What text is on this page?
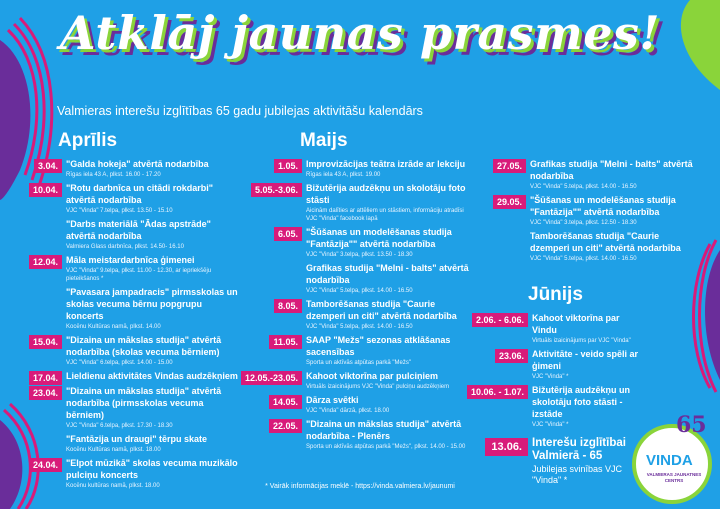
Atklāj jaunas prasmes!
Valmieras interešu izglītības 65 gadu jubilejas aktivitāšu kalendārs
Aprīlis	Maijs
Jūnijs
3.04. "Galda hokeja" atvērtā nodarbība
Rīgas iela 43 A, plkst. 16.00 - 17.20
10.04. "Rotu darbnīca un citādi rokdarbi" atvērtā nodarbība
VJC "Vinda" 7.telpa, plkst. 13.50 - 15.10
"Darbs materiālā "Ādas apstrāde" atvērtā nodarbība
Valmiera Glass darbnīca, plkst. 14.50- 16.10
12.04. Māla meistardarbnīca ģimenei
VJC "Vinda" 9.telpa, plkst. 11.00 - 12.30, ar iepriekšēju pieteikšanos *
"Pavasara jampadracis" pirmsskolas un skolas vecuma bērnu popgrupu koncerts
Kocēnu Kultūras namā, plkst. 14.00
15.04. "Dizaina un mākslas studija" atvērtā nodarbība (skolas vecuma bērniem)
VJC "Vinda" 6.telpa, plkst. 14.00 - 15.00
17.04. Lieldienu aktivitātes Vindas audzēkņiem
23.04. "Dizaina un mākslas studija" atvērtā nodarbība (pirmsskolas vecuma bērniem)
VJC "Vinda" 6.telpa, plkst. 17.30 - 18.30
"Fantāzija un draugi" tērpu skate
Kocēnu Kultūras namā, plkst. 18.00
24.04. "Elpot mūzikā" skolas vecuma muzikālo pulciņu koncerts
Kocēnu kultūras namā, plkst. 18.00
1.05. Improvizācijas teātra izrāde ar lekciju
Rīgas iela 43 A, plkst. 19.00
5.05.-3.06. Bižutērija audzēkņu un skolotāju foto stāsti
Aicinām dalīties ar attēliem un stāstiem, informāciju atradīsi VJC "Vinda" facebook lapā
6.05. "Šūšanas un modelēšanas studija "Fantāzija"" atvērtā nodarbība
VJC "Vinda" 3.telpa, plkst. 13.50 - 18.30
Grafikas studija "Melni - balts" atvērtā nodarbība
VJC "Vinda" 5.telpa, plkst. 14.00 - 16.50
8.05. Tamborēšanas studija "Caurie dzemperi un citi" atvērtā nodarbība
VJC "Vinda" 5.telpa, plkst. 14.00 - 16.50
11.05. SAAP "Mežs" sezonas atklāšanas sacensības
Sporta un aktīvās atpūtas parkā "Mežs"
12.05.-23.05. Kahoot viktorīna par pulciņiem
Virtuāls izaicinājums VJC "Vinda" pulciņu audzēkņiem
14.05. Dārza svētki
VJC "Vinda" dārzā, plkst. 18.00
22.05. "Dizaina un mākslas studija" atvērtā nodarbība - Plenērs
Sporta un aktīvās atpūtas parkā "Mežs", plkst. 14.00 - 15.00
27.05. Grafikas studija "Melni - balts" atvērtā nodarbība
VJC "Vinda" 5.telpa, plkst. 14.00 - 16.50
29.05. "Šūšanas un modelēšanas studija "Fantāzija"" atvērtā nodarbība
VJC "Vinda" 3.telpa, plkst. 12.50 - 18.30
Tamborēšanas studija "Caurie dzemperi un citi" atvērtā nodarbība
VJC "Vinda" 5.telpa, plkst. 14.00 - 16.50
2.06. - 6.06. Kahoot viktorīna par Vindu
Virtuāls izaicinājums par VJC "Vinda"
23.06. Aktivitāte - veido spēli ar ģimeni
VJC "Vinda" *
10.06. - 1.07. Bižutērija audzēkņu un skolotāju foto stāsti - izstāde
VJC "Vinda" *
13.06. Interešu izglītībai Valmierā - 65
Jubilejas svinības VJC "Vinda" *
* Vairāk informācijas meklē - https://vinda.valmiera.lv/jaunumi
65
VINDA
VALMIERAS JAUNATNES CENTRS
